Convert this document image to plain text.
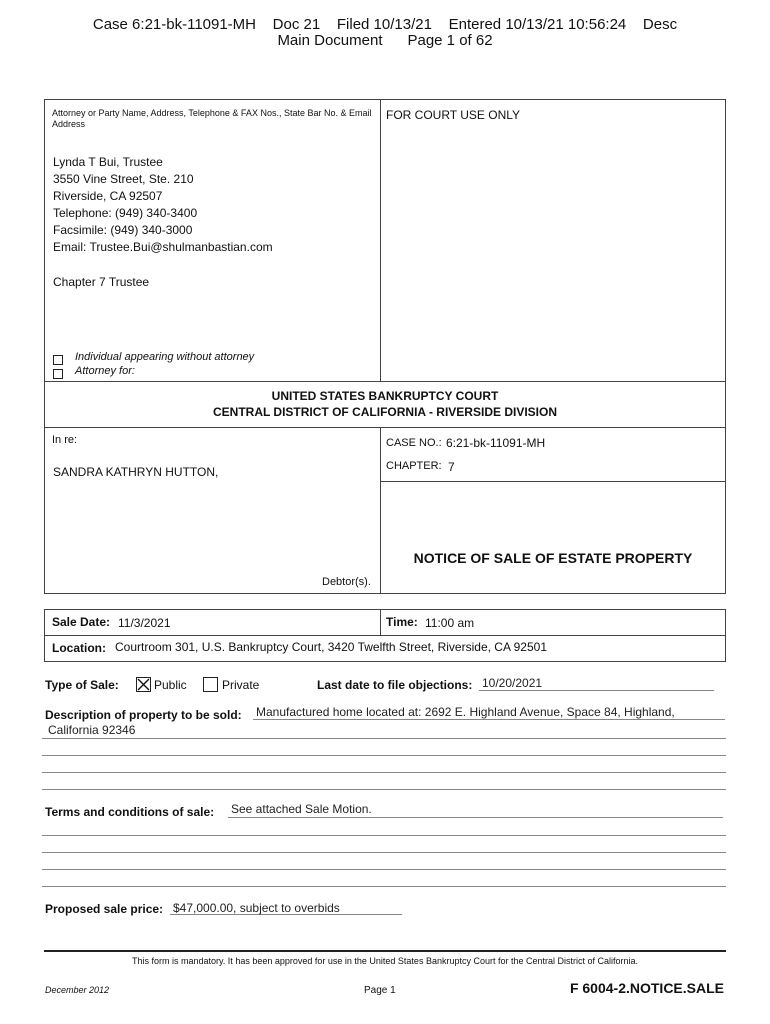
Case 6:21-bk-11091-MH    Doc 21    Filed 10/13/21    Entered 10/13/21 10:56:24    Desc
Main Document      Page 1 of 62
Attorney or Party Name, Address, Telephone & FAX Nos., State Bar No. & Email Address
FOR COURT USE ONLY
Lynda T Bui, Trustee
3550 Vine Street, Ste. 210
Riverside, CA 92507
Telephone: (949) 340-3400
Facsimile: (949) 340-3000
Email: Trustee.Bui@shulmanbastian.com
Chapter 7 Trustee
Individual appearing without attorney
Attorney for:
UNITED STATES BANKRUPTCY COURT
CENTRAL DISTRICT OF CALIFORNIA - RIVERSIDE DIVISION
In re:
SANDRA KATHRYN HUTTON,
Debtor(s).
CASE NO.: 6:21-bk-11091-MH
CHAPTER: 7
NOTICE OF SALE OF ESTATE PROPERTY
Sale Date: 11/3/2021	Time: 11:00 am
Location: Courtroom 301, U.S. Bankruptcy Court, 3420 Twelfth Street, Riverside, CA 92501
Type of Sale:	Public	Private	Last date to file objections: 10/20/2021
Description of property to be sold: Manufactured home located at: 2692 E. Highland Avenue, Space 84, Highland,
California 92346
Terms and conditions of sale: See attached Sale Motion.
Proposed sale price: $47,000.00, subject to overbids
This form is mandatory. It has been approved for use in the United States Bankruptcy Court for the Central District of California.
December 2012	Page 1	F 6004-2.NOTICE.SALE
